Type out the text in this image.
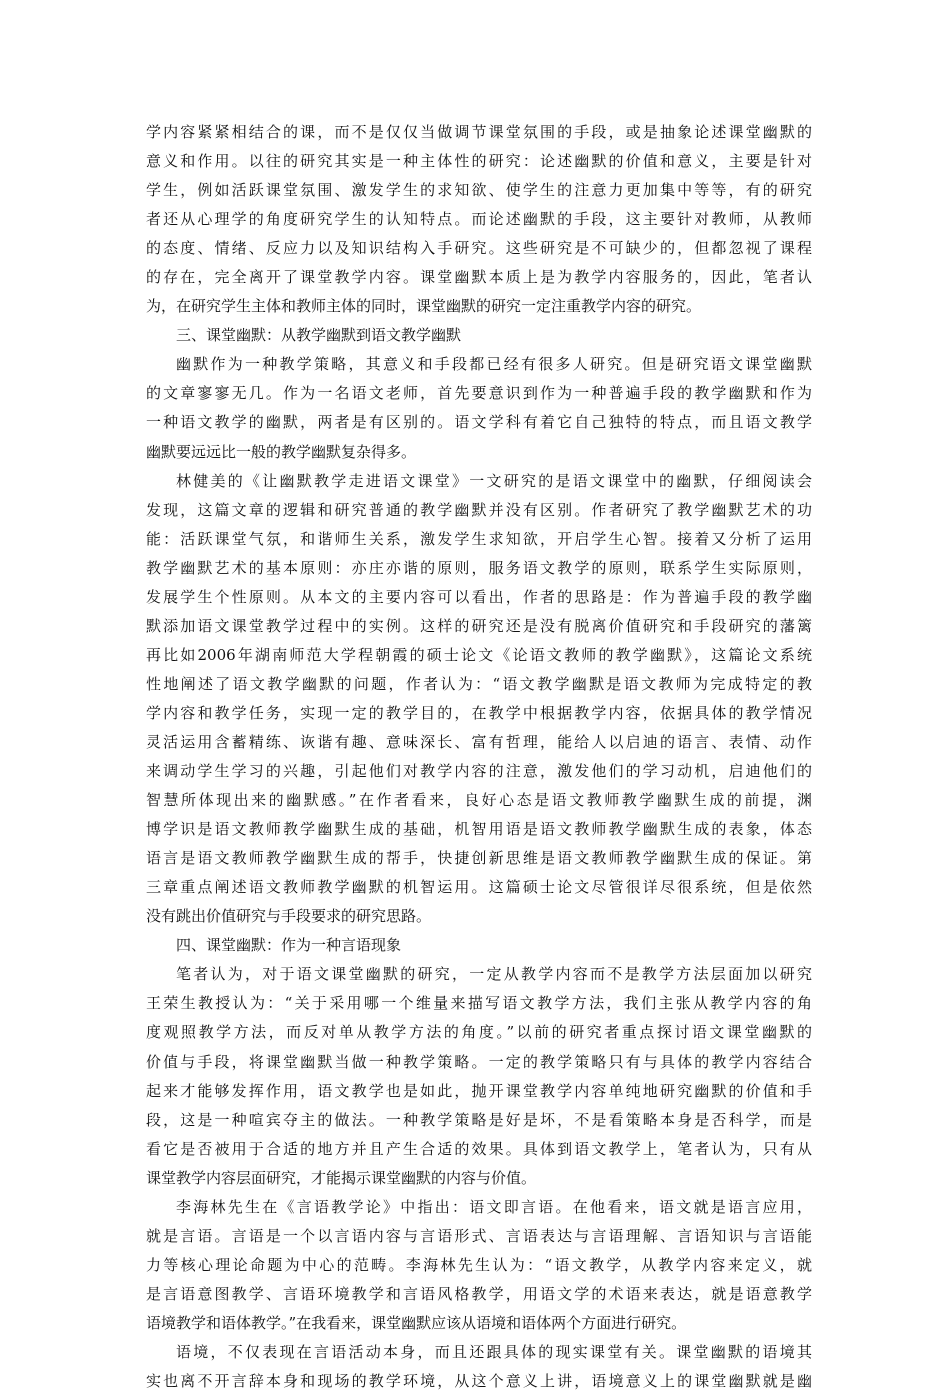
学内容紧紧相结合的课，而不是仅仅当做调节课堂氛围的手段，或是抽象论述课堂幽默的
意义和作用。以往的研究其实是一种主体性的研究：论述幽默的价值和意义，主要是针对
学生，例如活跃课堂氛围、激发学生的求知欲、使学生的注意力更加集中等等，有的研究
者还从心理学的角度研究学生的认知特点。而论述幽默的手段，这主要针对教师，从教师
的态度、情绪、反应力以及知识结构入手研究。这些研究是不可缺少的，但都忽视了课程
的存在，完全离开了课堂教学内容。课堂幽默本质上是为教学内容服务的，因此，笔者认
为，在研究学生主体和教师主体的同时，课堂幽默的研究一定注重教学内容的研究。
三、课堂幽默：从教学幽默到语文教学幽默
幽默作为一种教学策略，其意义和手段都已经有很多人研究。但是研究语文课堂幽默
的文章寥寥无几。作为一名语文老师，首先要意识到作为一种普遍手段的教学幽默和作为
一种语文教学的幽默，两者是有区别的。语文学科有着它自己独特的特点，而且语文教学
幽默要远远比一般的教学幽默复杂得多。
林健美的《让幽默教学走进语文课堂》一文研究的是语文课堂中的幽默，仔细阅读会
发现，这篇文章的逻辑和研究普通的教学幽默并没有区别。作者研究了教学幽默艺术的功
能：活跃课堂气氛，和谐师生关系，激发学生求知欲，开启学生心智。接着又分析了运用
教学幽默艺术的基本原则：亦庄亦谐的原则，服务语文教学的原则，联系学生实际原则，
发展学生个性原则。从本文的主要内容可以看出，作者的思路是：作为普遍手段的教学幽
默添加语文课堂教学过程中的实例。这样的研究还是没有脱离价值研究和手段研究的藩篱
再比如2006年湖南师范大学程朝霞的硕士论文《论语文教师的教学幽默》，这篇论文系统
性地阐述了语文教学幽默的问题，作者认为：“语文教学幽默是语文教师为完成特定的教
学内容和教学任务，实现一定的教学目的，在教学中根据教学内容，依据具体的教学情况
灵活运用含蓄精练、诙谐有趣、意味深长、富有哲理，能给人以启迪的语言、表情、动作
来调动学生学习的兴趣，引起他们对教学内容的注意，激发他们的学习动机，启迪他们的
智慧所体现出来的幽默感。”在作者看来，良好心态是语文教师教学幽默生成的前提，渊
博学识是语文教师教学幽默生成的基础，机智用语是语文教师教学幽默生成的表象，体态
语言是语文教师教学幽默生成的帮手，快捷创新思维是语文教师教学幽默生成的保证。第
三章重点阐述语文教师教学幽默的机智运用。这篇硕士论文尽管很详尽很系统，但是依然
没有跳出价值研究与手段要求的研究思路。
四、课堂幽默：作为一种言语现象
笔者认为，对于语文课堂幽默的研究，一定从教学内容而不是教学方法层面加以研究
王荣生教授认为：“关于采用哪一个维量来描写语文教学方法，我们主张从教学内容的角
度观照教学方法，而反对单从教学方法的角度。”以前的研究者重点探讨语文课堂幽默的
价值与手段，将课堂幽默当做一种教学策略。一定的教学策略只有与具体的教学内容结合
起来才能够发挥作用，语文教学也是如此，抛开课堂教学内容单纯地研究幽默的价值和手
段，这是一种喧宾夺主的做法。一种教学策略是好是坏，不是看策略本身是否科学，而是
看它是否被用于合适的地方并且产生合适的效果。具体到语文教学上，笔者认为，只有从
课堂教学内容层面研究，才能揭示课堂幽默的内容与价值。
李海林先生在《言语教学论》中指出：语文即言语。在他看来，语文就是语言应用，
就是言语。言语是一个以言语内容与言语形式、言语表达与言语理解、言语知识与言语能
力等核心理论命题为中心的范畴。李海林先生认为：“语文教学，从教学内容来定义，就
是言语意图教学、言语环境教学和言语风格教学，用语文学的术语来表达，就是语意教学
语境教学和语体教学。”在我看来，课堂幽默应该从语境和语体两个方面进行研究。
语境，不仅表现在言语活动本身，而且还跟具体的现实课堂有关。课堂幽默的语境其
实也离不开言辞本身和现场的教学环境，从这个意义上讲，语境意义上的课堂幽默就是幽
